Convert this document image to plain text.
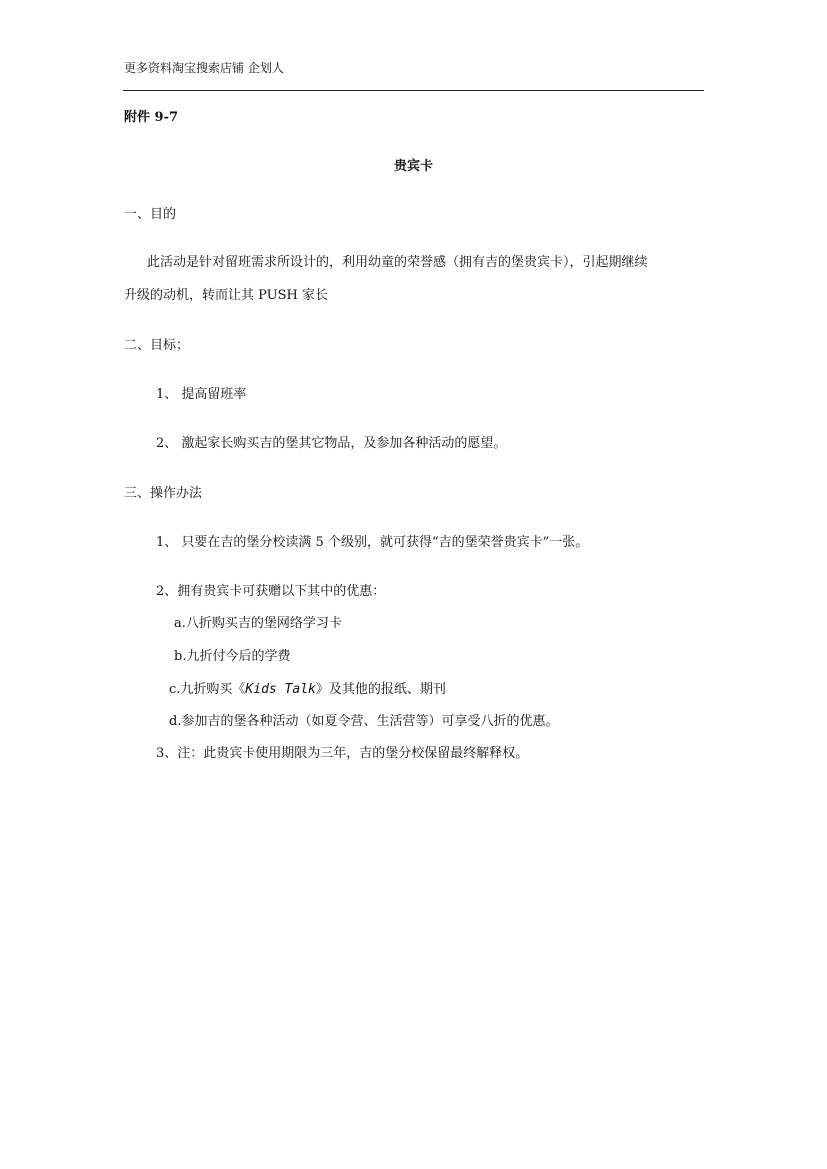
更多资料淘宝搜索店铺 企划人
附件 9-7
贵宾卡
一、目的
此活动是针对留班需求所设计的，利用幼童的荣誉感（拥有吉的堡贵宾卡），引起期继续
升级的动机，转而让其 PUSH 家长
二、目标；
1、 提高留班率
2、 激起家长购买吉的堡其它物品，及参加各种活动的愿望。
三、操作办法
1、 只要在吉的堡分校读满 5 个级别，就可获得“吉的堡荣誉贵宾卡”一张。
2、拥有贵宾卡可获赠以下其中的优惠：
a.八折购买吉的堡网络学习卡
b.九折付今后的学费
c.九折购买《Kids Talk》及其他的报纸、期刊
d.参加吉的堡各种活动（如夏令营、生活营等）可享受八折的优惠。
3、注：此贵宾卡使用期限为三年，吉的堡分校保留最终解释权。
